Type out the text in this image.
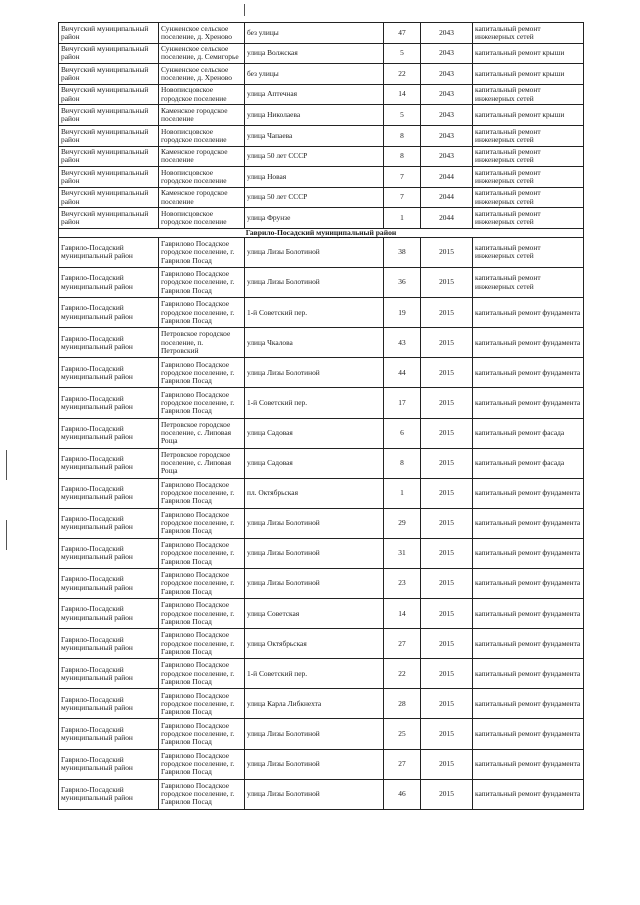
Вичугский муниципальный район	Сунженское сельское поселение, д. Хреново	без улицы	47	2043	капитальный ремонт инженерных сетей
Вичугский муниципальный район	Сунженское сельское поселение, д. Семигорье	улица Волжская	5	2043	капитальный ремонт крыши
Вичугский муниципальный район	Сунженское сельское поселение, д. Хреново	без улицы	22	2043	капитальный ремонт крыши
Вичугский муниципальный район	Новописцовское городское поселение	улица Аптечная	14	2043	капитальный ремонт инженерных сетей
Вичугский муниципальный район	Каменское городское поселение	улица Николаева	5	2043	капитальный ремонт крыши
Вичугский муниципальный район	Новописцовское городское поселение	улица Чапаева	8	2043	капитальный ремонт инженерных сетей
Вичугский муниципальный район	Каменское городское поселение	улица 50 лет СССР	8	2043	капитальный ремонт инженерных сетей
Вичугский муниципальный район	Новописцовское городское поселение	улица Новая	7	2044	капитальный ремонт инженерных сетей
Вичугский муниципальный район	Каменское городское поселение	улица 50 лет СССР	7	2044	капитальный ремонт инженерных сетей
Вичугский муниципальный район	Новописцовское городское поселение	улица Фрунзе	1	2044	капитальный ремонт инженерных сетей
Гаврило-Посадский муниципальный район					
Гаврило-Посадский муниципальный район	Гаврилово Посадское городское поселение, г. Гаврилов Посад	улица Лизы Болотиной	38	2015	капитальный ремонт инженерных сетей
Гаврило-Посадский муниципальный район	Гаврилово Посадское городское поселение, г. Гаврилов Посад	улица Лизы Болотиной	36	2015	капитальный ремонт инженерных сетей
Гаврило-Посадский муниципальный район	Гаврилово Посадское городское поселение, г. Гаврилов Посад	1-й Советский пер.	19	2015	капитальный ремонт фундамента
Гаврило-Посадский муниципальный район	Петровское городское поселение, п. Петровский	улица Чкалова	43	2015	капитальный ремонт фундамента
Гаврило-Посадский муниципальный район	Гаврилово Посадское городское поселение, г. Гаврилов Посад	улица Лизы Болотиной	44	2015	капитальный ремонт фундамента
Гаврило-Посадский муниципальный район	Гаврилово Посадское городское поселение, г. Гаврилов Посад	1-й Советский пер.	17	2015	капитальный ремонт фундамента
Гаврило-Посадский муниципальный район	Петровское городское поселение, с. Липовая Роща	улица Садовая	6	2015	капитальный ремонт фасада
Гаврило-Посадский муниципальный район	Петровское городское поселение, с. Липовая Роща	улица Садовая	8	2015	капитальный ремонт фасада
Гаврило-Посадский муниципальный район	Гаврилово Посадское городское поселение, г. Гаврилов Посад	пл. Октябрьская	1	2015	капитальный ремонт фундамента
Гаврило-Посадский муниципальный район	Гаврилово Посадское городское поселение, г. Гаврилов Посад	улица Лизы Болотиной	29	2015	капитальный ремонт фундамента
Гаврило-Посадский муниципальный район	Гаврилово Посадское городское поселение, г. Гаврилов Посад	улица Лизы Болотиной	31	2015	капитальный ремонт фундамента
Гаврило-Посадский муниципальный район	Гаврилово Посадское городское поселение, г. Гаврилов Посад	улица Лизы Болотиной	23	2015	капитальный ремонт фундамента
Гаврило-Посадский муниципальный район	Гаврилово Посадское городское поселение, г. Гаврилов Посад	улица Советская	14	2015	капитальный ремонт фундамента
Гаврило-Посадский муниципальный район	Гаврилово Посадское городское поселение, г. Гаврилов Посад	улица Октябрьская	27	2015	капитальный ремонт фундамента
Гаврило-Посадский муниципальный район	Гаврилово Посадское городское поселение, г. Гаврилов Посад	1-й Советский пер.	22	2015	капитальный ремонт фундамента
Гаврило-Посадский муниципальный район	Гаврилово Посадское городское поселение, г. Гаврилов Посад	улица Карла Либкнехта	28	2015	капитальный ремонт фундамента
Гаврило-Посадский муниципальный район	Гаврилово Посадское городское поселение, г. Гаврилов Посад	улица Лизы Болотиной	25	2015	капитальный ремонт фундамента
Гаврило-Посадский муниципальный район	Гаврилово Посадское городское поселение, г. Гаврилов Посад	улица Лизы Болотиной	27	2015	капитальный ремонт фундамента
Гаврило-Посадский муниципальный район	Гаврилово Посадское городское поселение, г. Гаврилов Посад	улица Лизы Болотиной	46	2015	капитальный ремонт фундамента
